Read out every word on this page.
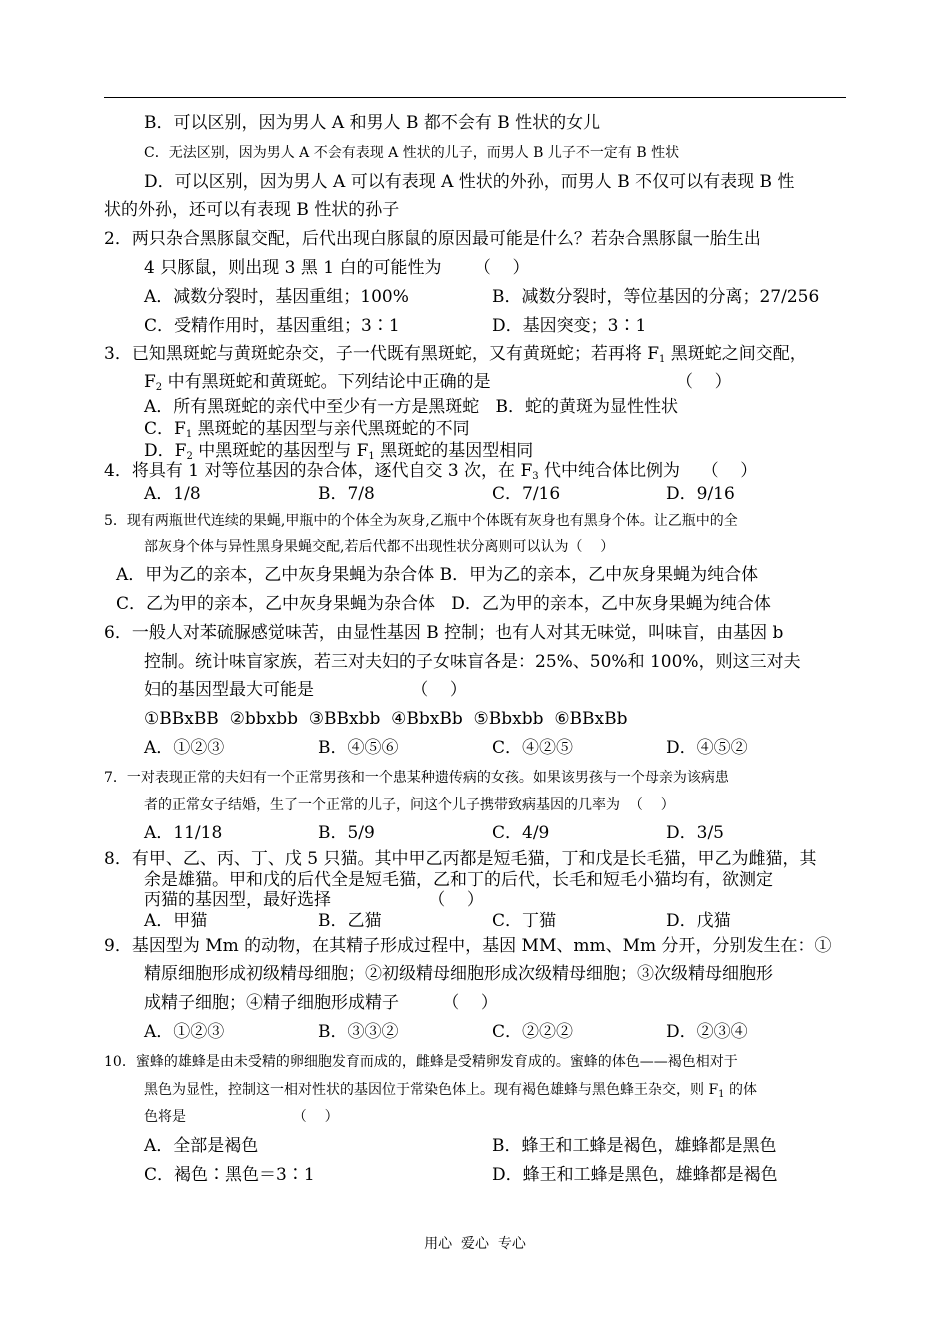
B．可以区别，因为男人 A 和男人 B 都不会有 B 性状的女儿
C．无法区别，因为男人 A 不会有表现 A 性状的儿子，而男人 B 儿子不一定有 B 性状
D．可以区别，因为男人 A 可以有表现 A 性状的外孙，而男人 B 不仅可以有表现 B 性
状的外孙，还可以有表现 B 性状的孙子
2．两只杂合黑豚鼠交配，后代出现白豚鼠的原因最可能是什么？若杂合黑豚鼠一胎生出
4 只豚鼠，则出现 3 黑 1 白的可能性为      （    ）
A．减数分裂时，基因重组；100%	B．减数分裂时，等位基因的分离；27/256
C．受精作用时，基因重组；3∶1	D．基因突变；3∶1
3．已知黑斑蛇与黄斑蛇杂交，子一代既有黑斑蛇，又有黄斑蛇；若再将 $F_1$ 黑斑蛇之间交配，
$F_2$ 中有黑斑蛇和黄斑蛇。下列结论中正确的是	（    ）
A．所有黑斑蛇的亲代中至少有一方是黑斑蛇   B．蛇的黄斑为显性性状
C．$F_1$ 黑斑蛇的基因型与亲代黑斑蛇的不同
D．$F_2$ 中黑斑蛇的基因型与 $F_1$ 黑斑蛇的基因型相同
4．将具有 1 对等位基因的杂合体，逐代自交 3 次，在 $F_3$ 代中纯合体比例为    （    ）
A．1/8	B．7/8	C．7/16	D．9/16
5．现有两瓶世代连续的果蝇,甲瓶中的个体全为灰身,乙瓶中个体既有灰身也有黑身个体。让乙瓶中的全
部灰身个体与异性黑身果蝇交配,若后代都不出现性状分离则可以认为（    ）
A．甲为乙的亲本，乙中灰身果蝇为杂合体 B．甲为乙的亲本，乙中灰身果蝇为纯合体
C．乙为甲的亲本，乙中灰身果蝇为杂合体   D．乙为甲的亲本，乙中灰身果蝇为纯合体
6．一般人对苯硫脲感觉味苦，由显性基因 B 控制；也有人对其无味觉，叫味盲，由基因 b
控制。统计味盲家族，若三对夫妇的子女味盲各是：25%、50%和 100%，则这三对夫
妇的基因型最大可能是                  （    ）
①BBxBB  ②bbxbb  ③BBxbb  ④BbxBb  ⑤Bbxbb  ⑥BBxBb
A．①②③	B．④⑤⑥	C．④②⑤	D．④⑤②
7．一对表现正常的夫妇有一个正常男孩和一个患某种遗传病的女孩。如果该男孩与一个母亲为该病患
者的正常女子结婚，生了一个正常的儿子，问这个儿子携带致病基因的几率为  （    ）
A．11/18	B．5/9	C．4/9	D．3/5
8．有甲、乙、丙、丁、戊 5 只猫。其中甲乙丙都是短毛猫，丁和戊是长毛猫，甲乙为雌猫，其
余是雄猫。甲和戊的后代全是短毛猫，乙和丁的后代，长毛和短毛小猫均有，欲测定
丙猫的基因型，最好选择                  （    ）
A．甲猫	B．乙猫	C．丁猫	D．戊猫
9．基因型为 Mm 的动物，在其精子形成过程中，基因 MM、mm、Mm 分开，分别发生在：①
精原细胞形成初级精母细胞；②初级精母细胞形成次级精母细胞；③次级精母细胞形
成精子细胞；④精子细胞形成精子        （    ）
A．①②③	B．③③②	C．②②②	D．②③④
10．蜜蜂的雄蜂是由未受精的卵细胞发育而成的，雌蜂是受精卵发育成的。蜜蜂的体色——褐色相对于
黑色为显性，控制这一相对性状的基因位于常染色体上。现有褐色雄蜂与黑色蜂王杂交，则 $F_1$ 的体
色将是                        （    ）
A．全部是褐色	B．蜂王和工蜂是褐色，雄蜂都是黑色
C．褐色∶黑色＝3∶1	D．蜂王和工蜂是黑色，雄蜂都是褐色
用心  爱心  专心
